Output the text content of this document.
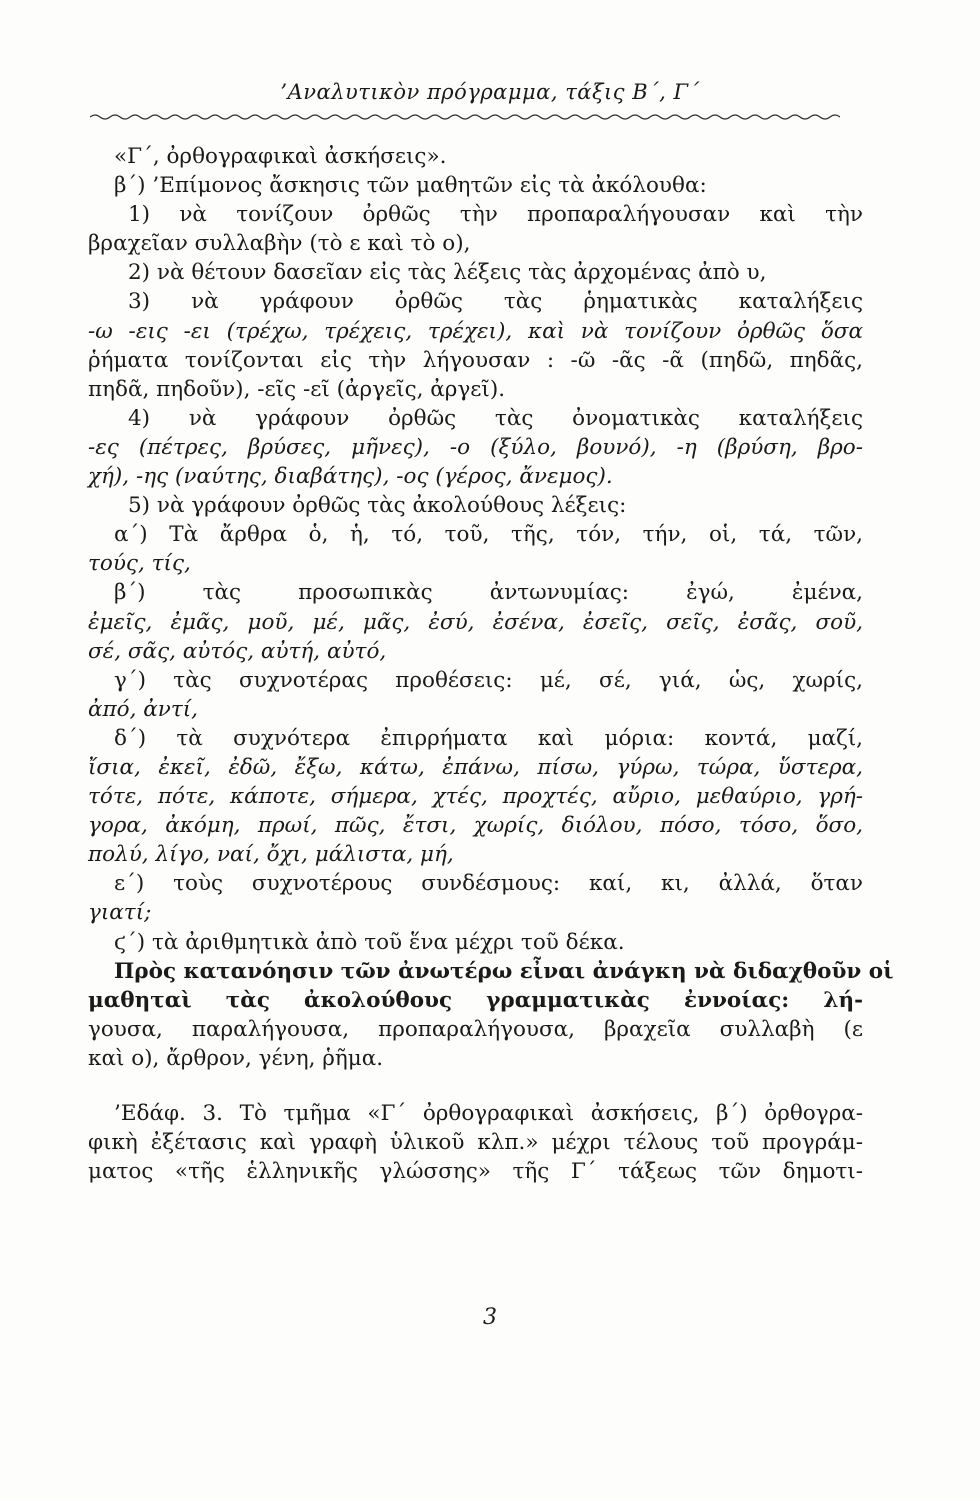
’Αναλυτικὸν πρόγραμμα, τάξις Β΄, Γ΄
«Γ΄, ὀρθογραφικαὶ ἀσκήσεις».
β΄) ’Επίμονος ἄσκησις τῶν μαθητῶν εἰς τὰ ἀκόλουθα:
1) νὰ τονίζουν ὀρθῶς τὴν προπαραλήγουσαν καὶ τὴν
βραχεῖαν συλλαβὴν (τὸ ε καὶ τὸ ο),
2) νὰ θέτουν δασεῖαν εἰς τὰς λέξεις τὰς ἀρχομένας ἀπὸ υ,
3) νὰ γράφουν ὀρθῶς τὰς ῥηματικὰς καταλήξεις
-ω -εις -ει (τρέχω, τρέχεις, τρέχει), καὶ νὰ τονίζουν ὀρθῶς ὅσα
ῥήματα τονίζονται εἰς τὴν λήγουσαν : -ῶ -ᾶς -ᾶ (πηδῶ, πηδᾶς,
πηδᾶ, πηδοῦν), -εῖς -εῖ (ἀργεῖς, ἀργεῖ).
4) νὰ γράφουν ὀρθῶς τὰς ὀνοματικὰς καταλήξεις
-ες (πέτρες, βρύσες, μῆνες), -ο (ξύλο, βουνό), -η (βρύση, βρο-
χή), -ης (ναύτης, διαβάτης), -ος (γέρος, ἄνεμος).
5) νὰ γράφουν ὀρθῶς τὰς ἀκολούθους λέξεις:
α΄) Τὰ ἄρθρα ὁ, ἡ, τό, τοῦ, τῆς, τόν, τήν, οἱ, τά, τῶν,
τούς, τίς,
β΄) τὰς προσωπικὰς ἀντωνυμίας: ἐγώ, ἐμένα,
ἐμεῖς, ἐμᾶς, μοῦ, μέ, μᾶς, ἐσύ, ἐσένα, ἐσεῖς, σεῖς, ἐσᾶς, σοῦ,
σέ, σᾶς, αὐτός, αὐτή, αὐτό,
γ΄) τὰς συχνοτέρας προθέσεις: μέ, σέ, γιά, ὡς, χωρίς,
ἀπό, ἀντί,
δ΄) τὰ συχνότερα ἐπιρρήματα καὶ μόρια: κοντά, μαζί,
ἴσια, ἐκεῖ, ἐδῶ, ἔξω, κάτω, ἐπάνω, πίσω, γύρω, τώρα, ὕστερα,
τότε, πότε, κάποτε, σήμερα, χτές, προχτές, αὔριο, μεθαύριο, γρή-
γορα, ἀκόμη, πρωί, πῶς, ἔτσι, χωρίς, διόλου, πόσο, τόσο, ὅσο,
πολύ, λίγο, ναί, ὄχι, μάλιστα, μή,
ε΄) τοὺς συχνοτέρους συνδέσμους: καί, κι, ἀλλά, ὅταν
γιατί;
ϛ΄) τὰ ἀριθμητικὰ ἀπὸ τοῦ ἕνα μέχρι τοῦ δέκα.
Πρὸς κατανόησιν τῶν ἀνωτέρω εἶναι ἀνάγκη νὰ διδαχθοῦν οἱ
μαθηταὶ τὰς ἀκολούθους γραμματικὰς ἐννοίας: λή-
γουσα, παραλήγουσα, προπαραλήγουσα, βραχεῖα συλλαβὴ (ε
καὶ ο), ἄρθρον, γένη, ῥῆμα.
’Εδάφ. 3. Τὸ τμῆμα «Γ΄ ὀρθογραφικαὶ ἀσκήσεις, β΄) ὀρθογρα-
φικὴ ἐξέτασις καὶ γραφὴ ὑλικοῦ κλπ.» μέχρι τέλους τοῦ προγράμ-
ματος «τῆς ἑλληνικῆς γλώσσης» τῆς Γ΄ τάξεως τῶν δημοτι-
3
